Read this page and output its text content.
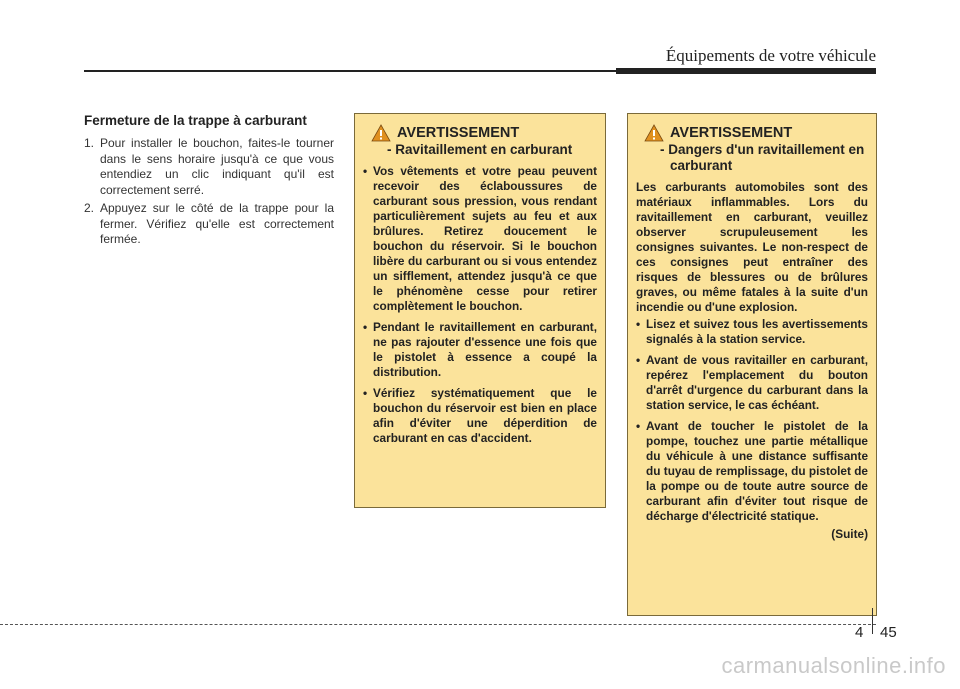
Équipements de votre véhicule
Fermeture de la trappe à carburant
1. Pour installer le bouchon, faites-le tourner dans le sens horaire jusqu'à ce que vous entendiez un clic indiquant qu'il est correctement serré.
2. Appuyez sur le côté de la trappe pour la fermer. Vérifiez qu'elle est correctement fermée.
AVERTISSEMENT
- Ravitaillement en carburant
• Vos vêtements et votre peau peuvent recevoir des éclaboussures de carburant sous pression, vous rendant particulièrement sujets au feu et aux brûlures. Retirez doucement le bouchon du réservoir. Si le bouchon libère du carburant ou si vous entendez un sifflement, attendez jusqu'à ce que le phénomène cesse pour retirer complètement le bouchon.
• Pendant le ravitaillement en carburant, ne pas rajouter d'essence une fois que le pistolet à essence a coupé la distribution.
• Vérifiez systématiquement que le bouchon du réservoir est bien en place afin d'éviter une déperdition de carburant en cas d'accident.
AVERTISSEMENT
- Dangers d'un ravitaillement en carburant

Les carburants automobiles sont des matériaux inflammables. Lors du ravitaillement en carburant, veuillez observer scrupuleusement les consignes suivantes. Le non-respect de ces consignes peut entraîner des risques de blessures ou de brûlures graves, ou même fatales à la suite d'un incendie ou d'une explosion.

• Lisez et suivez tous les avertissements signalés à la station service.
• Avant de vous ravitailler en carburant, repérez l'emplacement du bouton d'arrêt d'urgence du carburant dans la station service, le cas échéant.
• Avant de toucher le pistolet de la pompe, touchez une partie métallique du véhicule à une distance suffisante du tuyau de remplissage, du pistolet de la pompe ou de toute autre source de carburant afin d'éviter tout risque de décharge d'électricité statique.
(Suite)
4 45
carmanualsonline.info
